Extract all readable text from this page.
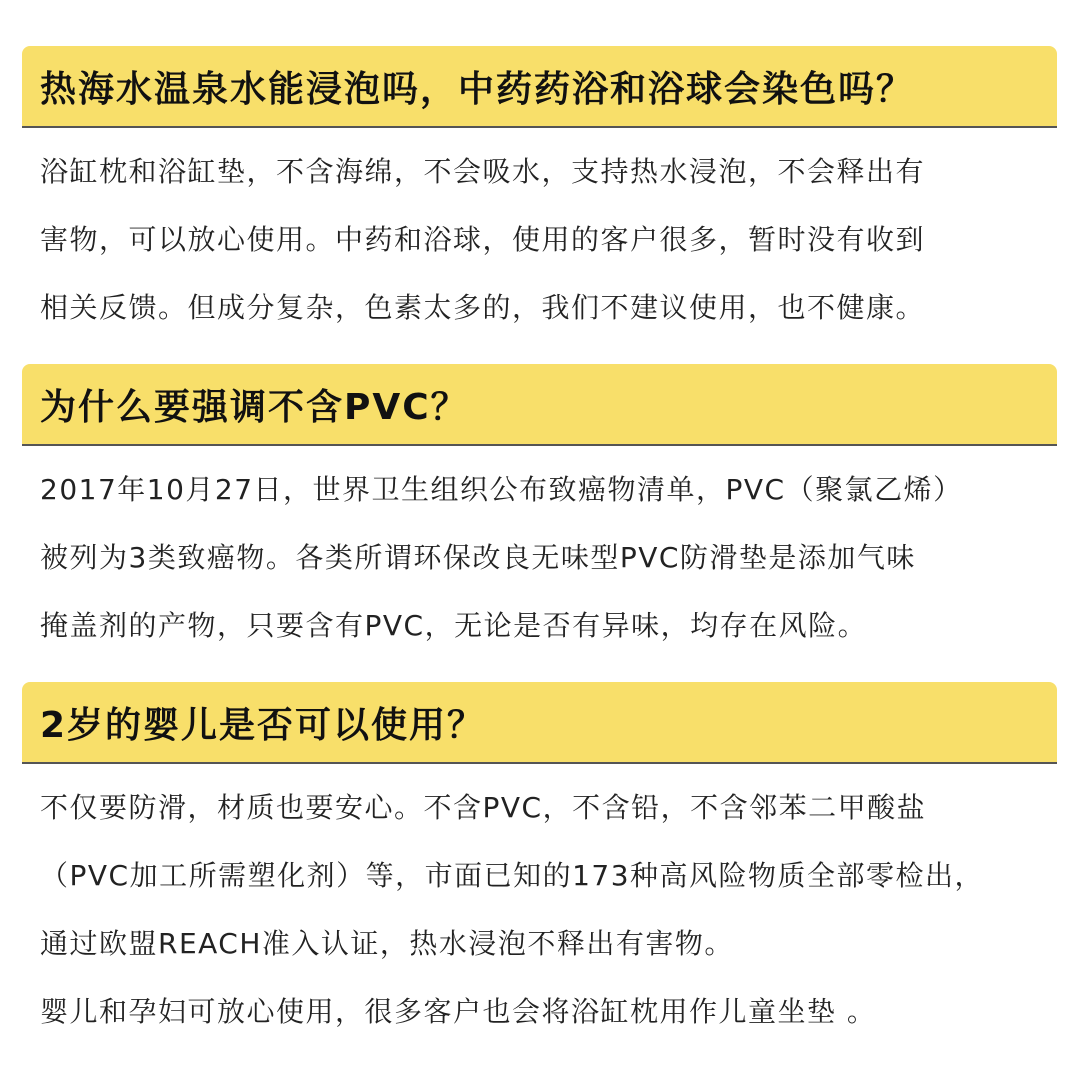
热海水温泉水能浸泡吗，中药药浴和浴球会染色吗？
浴缸枕和浴缸垫，不含海绵，不会吸水，支持热水浸泡，不会释出有
害物，可以放心使用。中药和浴球，使用的客户很多，暂时没有收到
相关反馈。但成分复杂，色素太多的，我们不建议使用，也不健康。
为什么要强调不含PVC？
2017年10月27日，世界卫生组织公布致癌物清单，PVC（聚氯乙烯）
被列为3类致癌物。各类所谓环保改良无味型PVC防滑垫是添加气味
掩盖剂的产物，只要含有PVC，无论是否有异味，均存在风险。
2岁的婴儿是否可以使用？
不仅要防滑，材质也要安心。不含PVC，不含铅，不含邻苯二甲酸盐
（PVC加工所需塑化剂）等，市面已知的173种高风险物质全部零检出，
通过欧盟REACH准入认证，热水浸泡不释出有害物。
婴儿和孕妇可放心使用，很多客户也会将浴缸枕用作儿童坐垫 。
